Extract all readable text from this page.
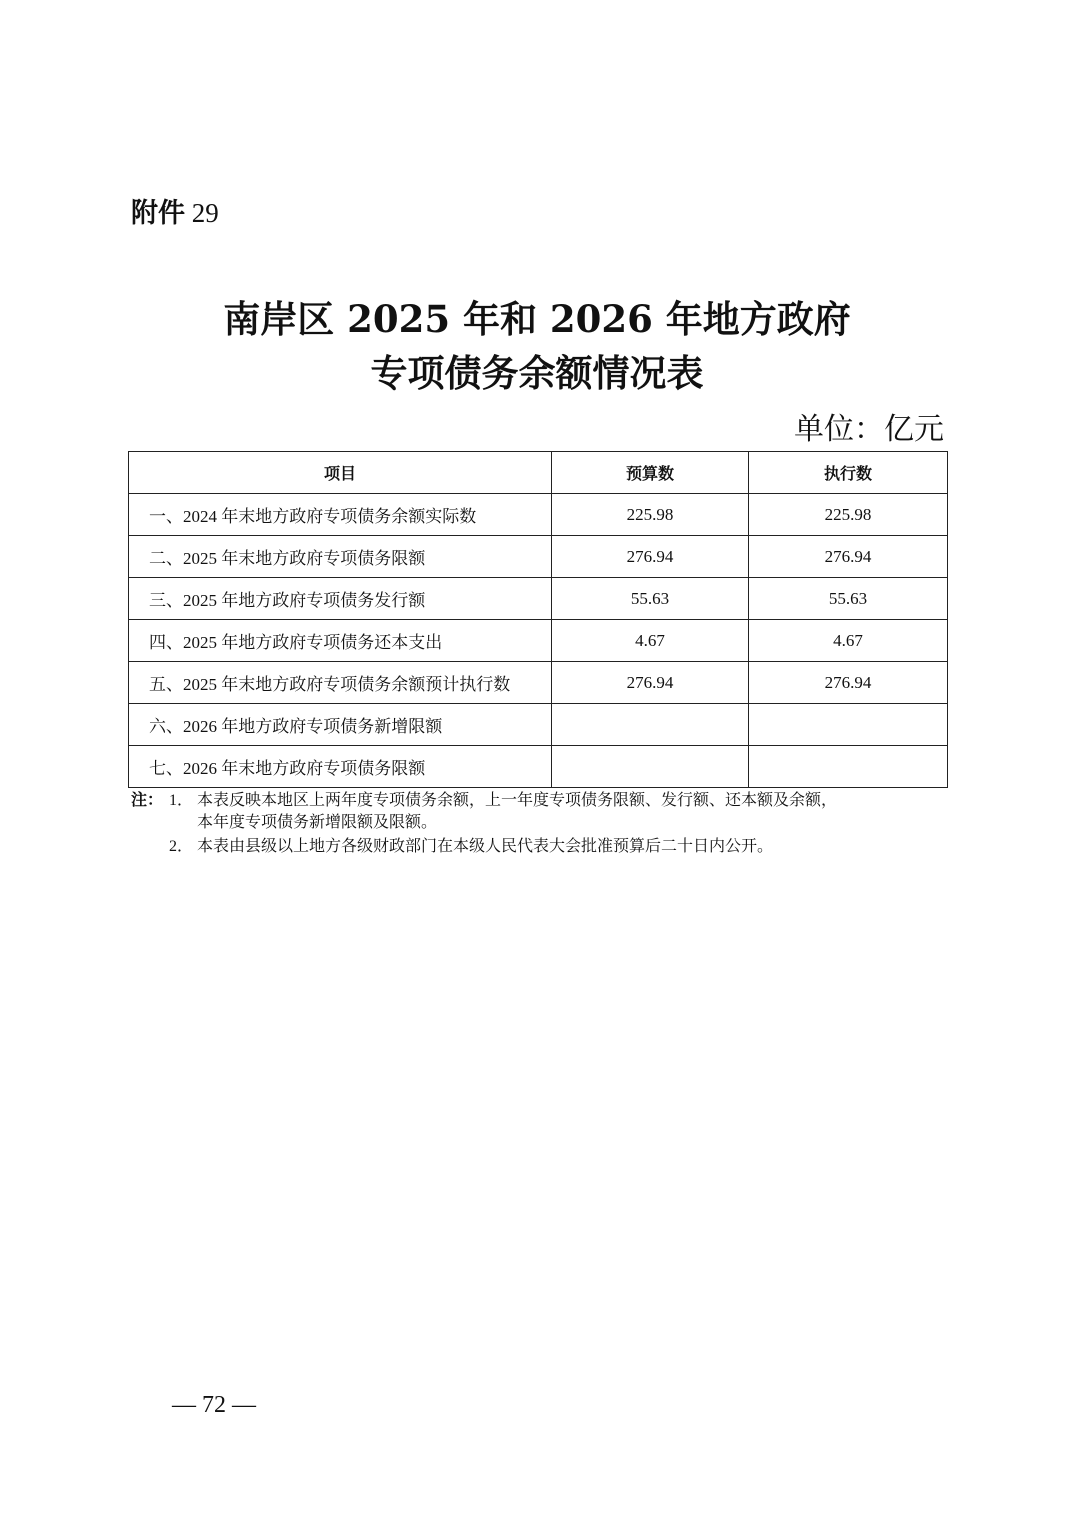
附件 29
南岸区 2025 年和 2026 年地方政府
专项债务余额情况表
单位：亿元
项目	预算数	执行数
一、2024 年末地方政府专项债务余额实际数	225.98	225.98
二、2025 年末地方政府专项债务限额	276.94	276.94
三、2025 年地方政府专项债务发行额	55.63	55.63
四、2025 年地方政府专项债务还本支出	4.67	4.67
五、2025 年末地方政府专项债务余额预计执行数	276.94	276.94
六、2026 年地方政府专项债务新增限额		
七、2026 年末地方政府专项债务限额		
注： 1． 本表反映本地区上两年度专项债务余额，上一年度专项债务限额、发行额、还本额及余额，
本年度专项债务新增限额及限额。
2． 本表由县级以上地方各级财政部门在本级人民代表大会批准预算后二十日内公开。
— 72 —
